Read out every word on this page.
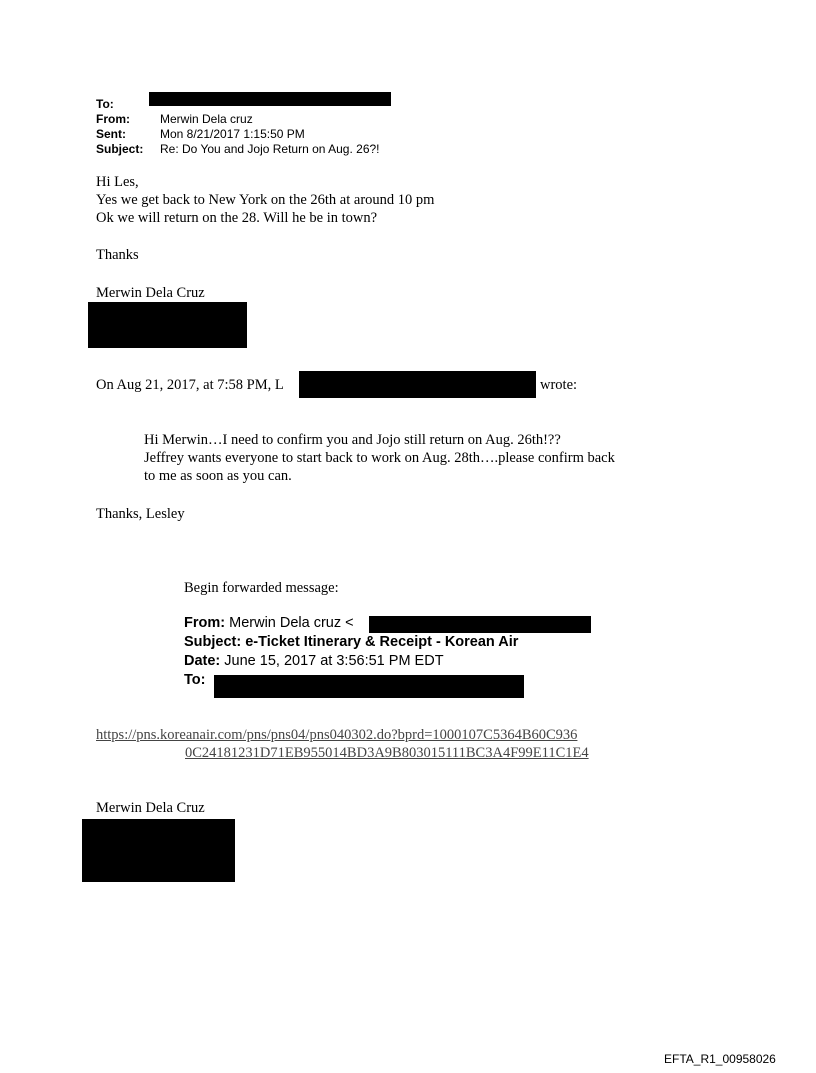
To:
From:	Merwin Dela cruz
Sent:	Mon 8/21/2017 1:15:50 PM
Subject: Re: Do You and Jojo Return on Aug. 26?!
Hi Les,
Yes we get back to New York on the 26th at around 10 pm
Ok we will return on the 28. Will he be in town?
Thanks
Merwin Dela Cruz
On Aug 21, 2017, at 7:58 PM, L	wrote:
Hi Merwin…I need to confirm you and Jojo still return on Aug. 26th!??
Jeffrey wants everyone to start back to work on Aug. 28th….please confirm back
to me as soon as you can.
Thanks, Lesley
Begin forwarded message:
From: Merwin Dela cruz <
Subject: e-Ticket Itinerary & Receipt - Korean Air
Date: June 15, 2017 at 3:56:51 PM EDT
To:
https://pns.koreanair.com/pns/pns04/pns040302.do?bprd=1000107C5364B60C936
0C24181231D71EB955014BD3A9B803015111BC3A4F99E11C1E4
Merwin Dela Cruz
EFTA_R1_00958026
